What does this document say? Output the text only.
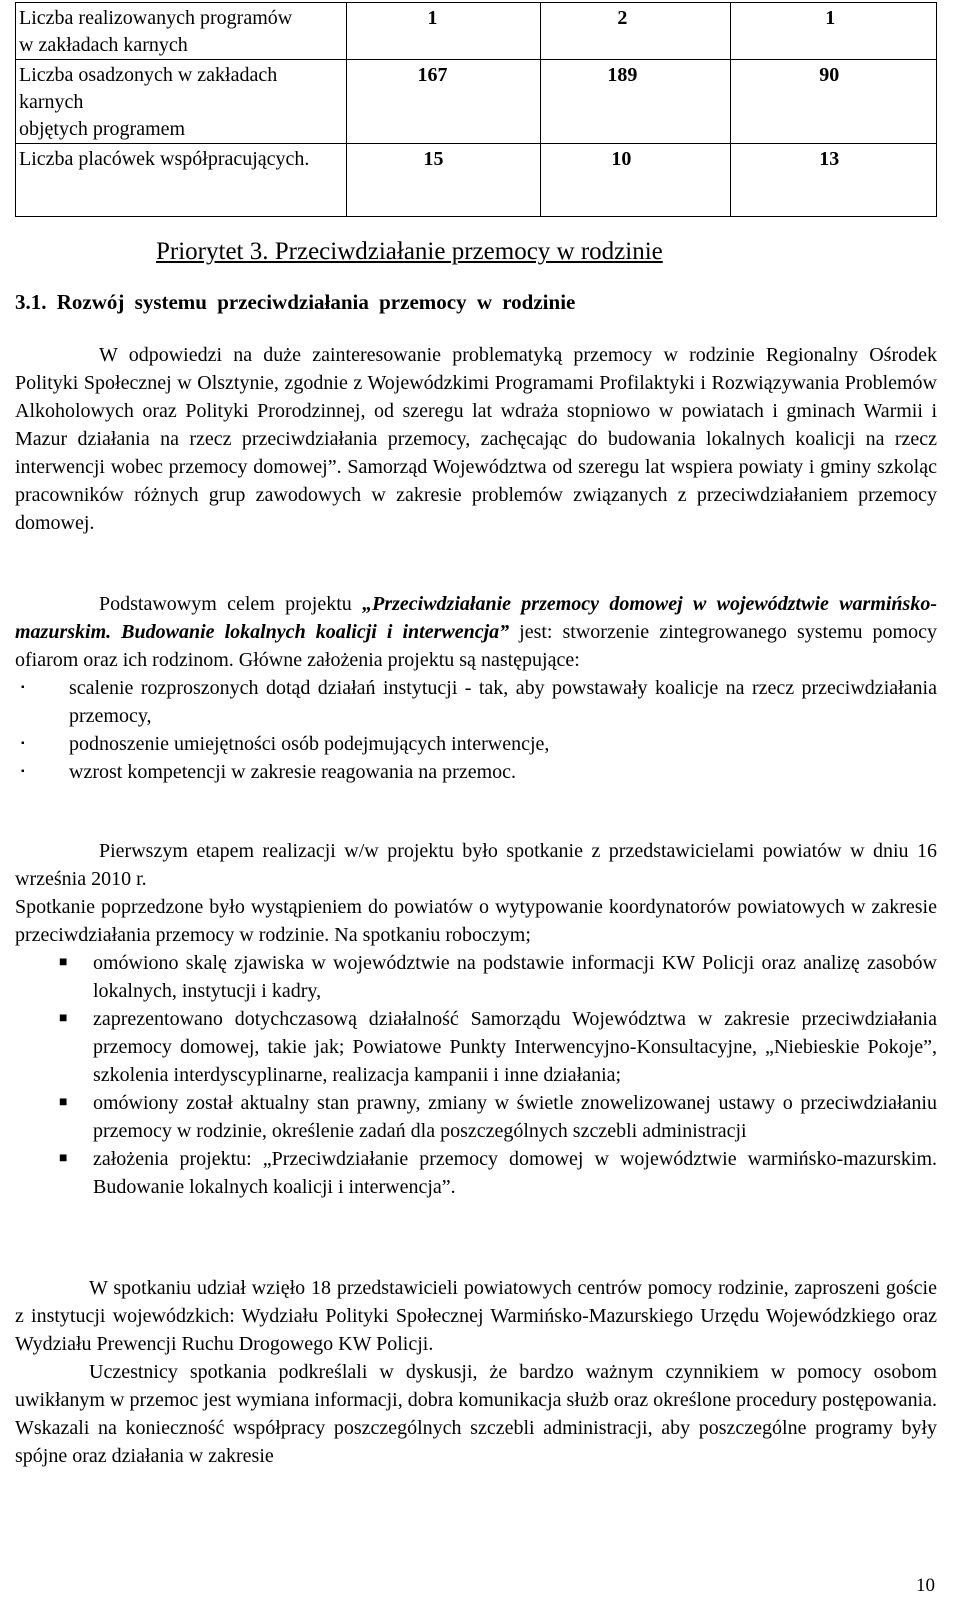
Liczba realizowanych programów
w zakładach karnych	1	2	1

Liczba osadzonych w zakładach karnych
objętych programem	167	189	90

Liczba placówek współpracujących.	15	10	13
Priorytet 3. Przeciwdziałanie przemocy w rodzinie
3.1. Rozwój systemu przeciwdziałania przemocy w rodzinie

W odpowiedzi na duże zainteresowanie problematyką przemocy w rodzinie Regionalny Ośrodek Polityki Społecznej w Olsztynie, zgodnie z Wojewódzkimi Programami Profilaktyki i Rozwiązywania Problemów Alkoholowych oraz Polityki Prorodzinnej, od szeregu lat wdraża stopniowo w powiatach i gminach Warmii i Mazur działania na rzecz przeciwdziałania przemocy, zachęcając do budowania lokalnych koalicji na rzecz interwencji wobec przemocy domowej”. Samorząd Województwa od szeregu lat wspiera powiaty i gminy szkoląc pracowników różnych grup zawodowych w zakresie problemów związanych z przeciwdziałaniem przemocy domowej.

Podstawowym celem projektu „Przeciwdziałanie przemocy domowej w województwie warmińsko-mazurskim. Budowanie lokalnych koalicji i interwencja” jest: stworzenie zintegrowanego systemu pomocy ofiarom oraz ich rodzinom. Główne założenia projektu są następujące:

▪ scalenie rozproszonych dotąd działań instytucji - tak, aby powstawały koalicje na rzecz przeciwdziałania przemocy,
▪ podnoszenie umiejętności osób podejmujących interwencje,
▪ wzrost kompetencji w zakresie reagowania na przemoc.

Pierwszym etapem realizacji w/w projektu było spotkanie z przedstawicielami powiatów w dniu 16 września 2010 r.

Spotkanie poprzedzone było wystąpieniem do powiatów o wytypowanie koordynatorów powiatowych w zakresie przeciwdziałania przemocy w rodzinie. Na spotkaniu roboczym;

■ omówiono skalę zjawiska w województwie na podstawie informacji KW Policji oraz analizę zasobów lokalnych, instytucji i kadry,
■ zaprezentowano dotychczasową działalność Samorządu Województwa w zakresie przeciwdziałania przemocy domowej, takie jak; Powiatowe Punkty Interwencyjno-Konsultacyjne, „Niebieskie Pokoje”, szkolenia interdyscyplinarne, realizacja kampanii i inne działania;
■ omówiony został aktualny stan prawny, zmiany w świetle znowelizowanej ustawy o przeciwdziałaniu przemocy w rodzinie, określenie zadań dla poszczególnych szczebli administracji
■ założenia projektu: „Przeciwdziałanie przemocy domowej w województwie warmińsko-mazurskim. Budowanie lokalnych koalicji i interwencja”.

W spotkaniu udział wzięło 18 przedstawicieli powiatowych centrów pomocy rodzinie, zaproszeni goście z instytucji wojewódzkich: Wydziału Polityki Społecznej Warmińsko-Mazurskiego Urzędu Wojewódzkiego oraz Wydziału Prewencji Ruchu Drogowego KW Policji.

Uczestnicy spotkania podkreślali w dyskusji, że bardzo ważnym czynnikiem w pomocy osobom uwikłanym w przemoc jest wymiana informacji, dobra komunikacja służb oraz określone procedury postępowania. Wskazali na konieczność współpracy poszczególnych szczebli administracji, aby poszczególne programy były spójne oraz działania w zakresie

10
